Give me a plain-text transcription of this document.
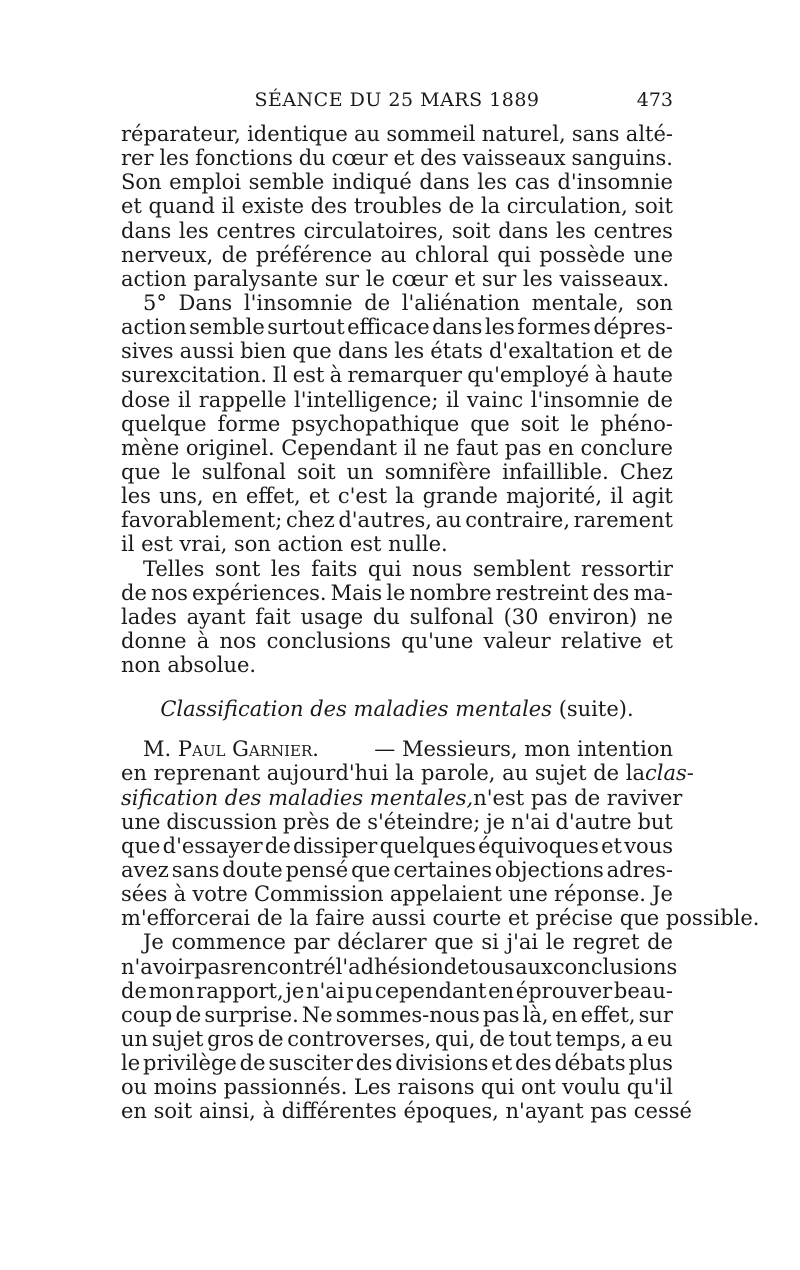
SÉANCE DU 25 MARS 1889	473
réparateur, identique au sommeil naturel, sans alté-
rer les fonctions du cœur et des vaisseaux sanguins.
Son emploi semble indiqué dans les cas d'insomnie
et quand il existe des troubles de la circulation, soit
dans les centres circulatoires, soit dans les centres
nerveux, de préférence au chloral qui possède une
action paralysante sur le cœur et sur les vaisseaux.
5° Dans l'insomnie de l'aliénation mentale, son
action semble surtout efficace dans les formes dépres-
sives aussi bien que dans les états d'exaltation et de
surexcitation. Il est à remarquer qu'employé à haute
dose il rappelle l'intelligence; il vainc l'insomnie de
quelque forme psychopathique que soit le phéno-
mène originel. Cependant il ne faut pas en conclure
que le sulfonal soit un somnifère infaillible. Chez
les uns, en effet, et c'est la grande majorité, il agit
favorablement; chez d'autres, au contraire, rarement
il est vrai, son action est nulle.
Telles sont les faits qui nous semblent ressortir
de nos expériences. Mais le nombre restreint des ma-
lades ayant fait usage du sulfonal (30 environ) ne
donne à nos conclusions qu'une valeur relative et
non absolue.
Classification des maladies mentales (suite).
M. Paul Garnier.	— Messieurs, mon intention
en reprenant aujourd'hui la parole, au sujet de la clas-
sification des maladies mentales, n'est pas de raviver
une discussion près de s'éteindre; je n'ai d'autre but
que d'essayer de dissiper quelques équivoques et vous
avez sans doute pensé que certaines objections adres-
sées à votre Commission appelaient une réponse. Je
m'efforcerai de la faire aussi courte et précise que possible.
Je commence par déclarer que si j'ai le regret de
n'avoir pas rencontré l'adhésion de tous aux conclusions
de mon rapport, je n'ai pu cependant en éprouver beau-
coup de surprise. Ne sommes-nous pas là, en effet, sur
un sujet gros de controverses, qui, de tout temps, a eu
le privilège de susciter des divisions et des débats plus
ou moins passionnés. Les raisons qui ont voulu qu'il
en soit ainsi, à différentes époques, n'ayant pas cessé
